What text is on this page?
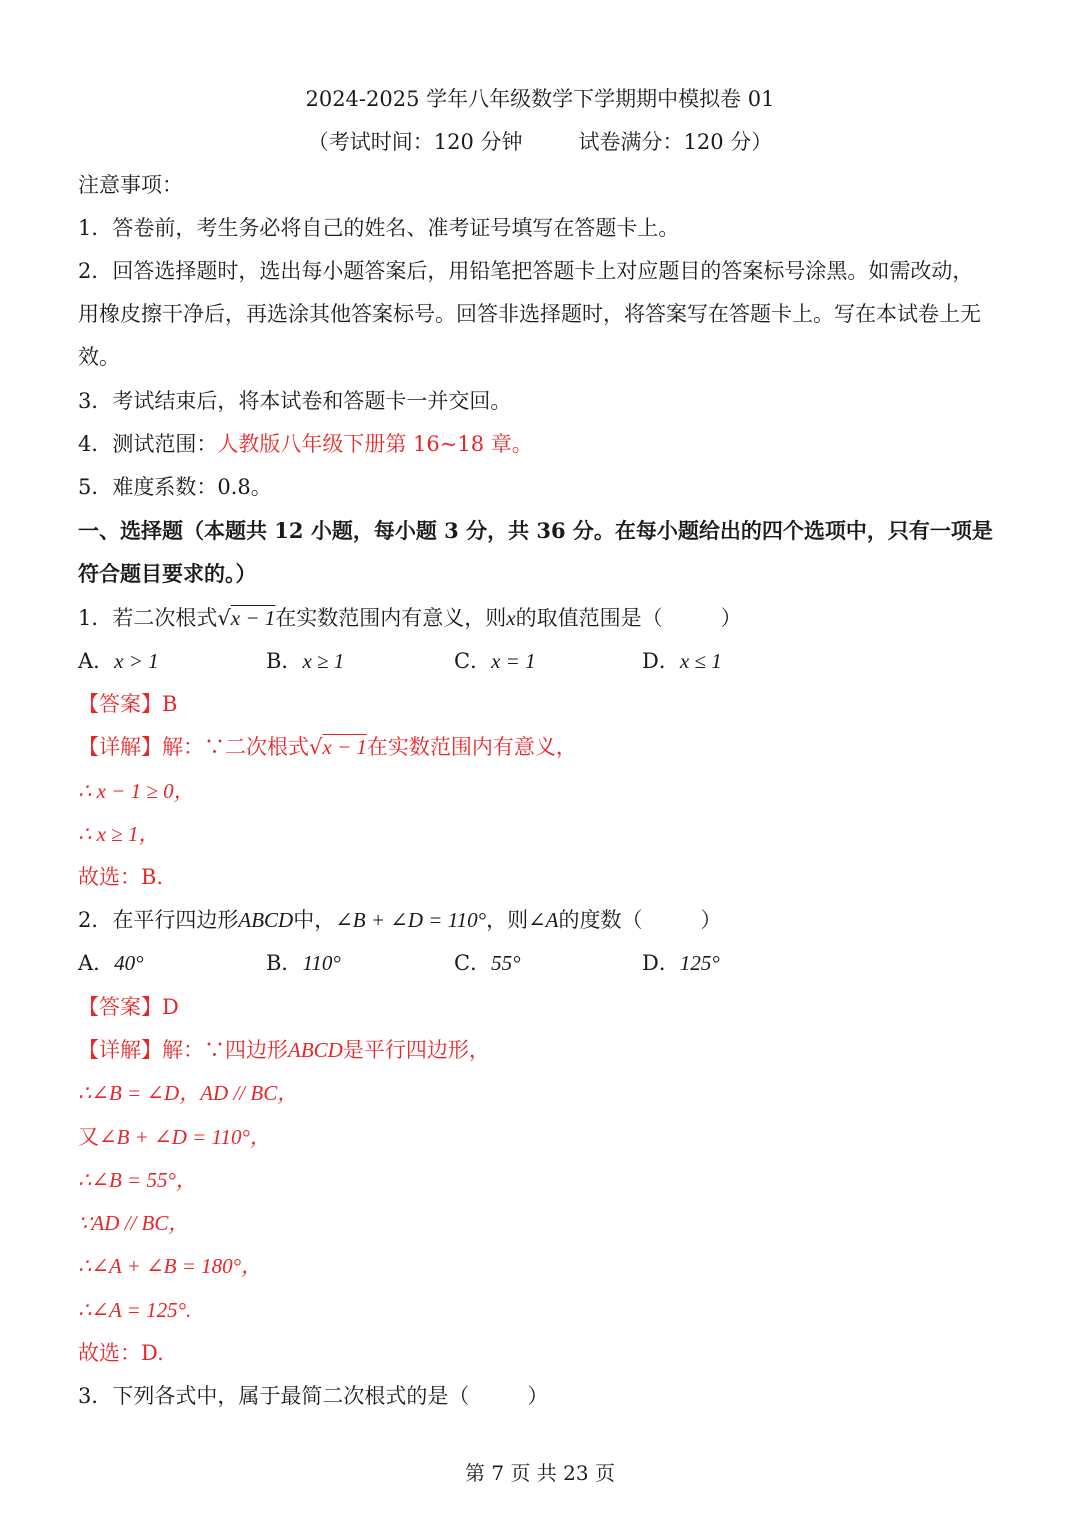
2024-2025 学年八年级数学下学期期中模拟卷 01
（考试时间：120 分钟	试卷满分：120 分）
注意事项：
1．答卷前，考生务必将自己的姓名、准考证号填写在答题卡上。
2．回答选择题时，选出每小题答案后，用铅笔把答题卡上对应题目的答案标号涂黑。如需改动，
用橡皮擦干净后，再选涂其他答案标号。回答非选择题时，将答案写在答题卡上。写在本试卷上无
效。
3．考试结束后，将本试卷和答题卡一并交回。
4．测试范围：人教版八年级下册第 16~18 章。
5．难度系数：0.8。
一、选择题（本题共 12 小题，每小题 3 分，共 36 分。在每小题给出的四个选项中，只有一项是
符合题目要求的。）
1．若二次根式√x − 1在实数范围内有意义，则x的取值范围是（	）
A．x > 1	B．x ≥ 1	C．x = 1	D．x ≤ 1
【答案】B
【详解】解：∵二次根式√x − 1在实数范围内有意义，
∴ x − 1 ≥ 0，
∴ x ≥ 1，
故选：B.
2．在平行四边形ABCD中，∠B + ∠D = 110°，则∠A的度数（	）
A．40°	B．110°	C．55°	D．125°
【答案】D
【详解】解：∵四边形ABCD是平行四边形，
∴∠B = ∠D，AD // BC，
又∠B + ∠D = 110°，
∴∠B = 55°，
∵AD // BC，
∴∠A + ∠B = 180°，
∴∠A = 125°.
故选：D.
3．下列各式中，属于最简二次根式的是（	）
第 7 页 共 23 页
